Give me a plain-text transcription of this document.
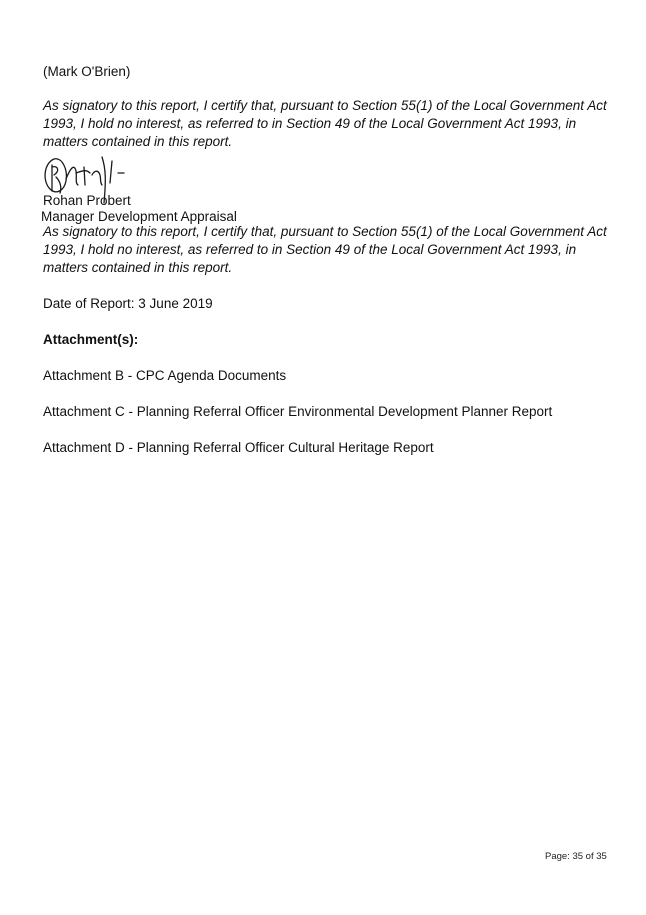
(Mark O'Brien)
As signatory to this report, I certify that, pursuant to Section 55(1) of the Local Government Act 1993, I hold no interest, as referred to in Section 49 of the Local Government Act 1993, in matters contained in this report.
Rohan Probert
Manager Development Appraisal
As signatory to this report, I certify that, pursuant to Section 55(1) of the Local Government Act 1993, I hold no interest, as referred to in Section 49 of the Local Government Act 1993, in matters contained in this report.
Date of Report: 3 June 2019
Attachment(s):
Attachment B - CPC Agenda Documents
Attachment C - Planning Referral Officer Environmental Development Planner Report
Attachment D - Planning Referral Officer Cultural Heritage Report
Page: 35 of 35
